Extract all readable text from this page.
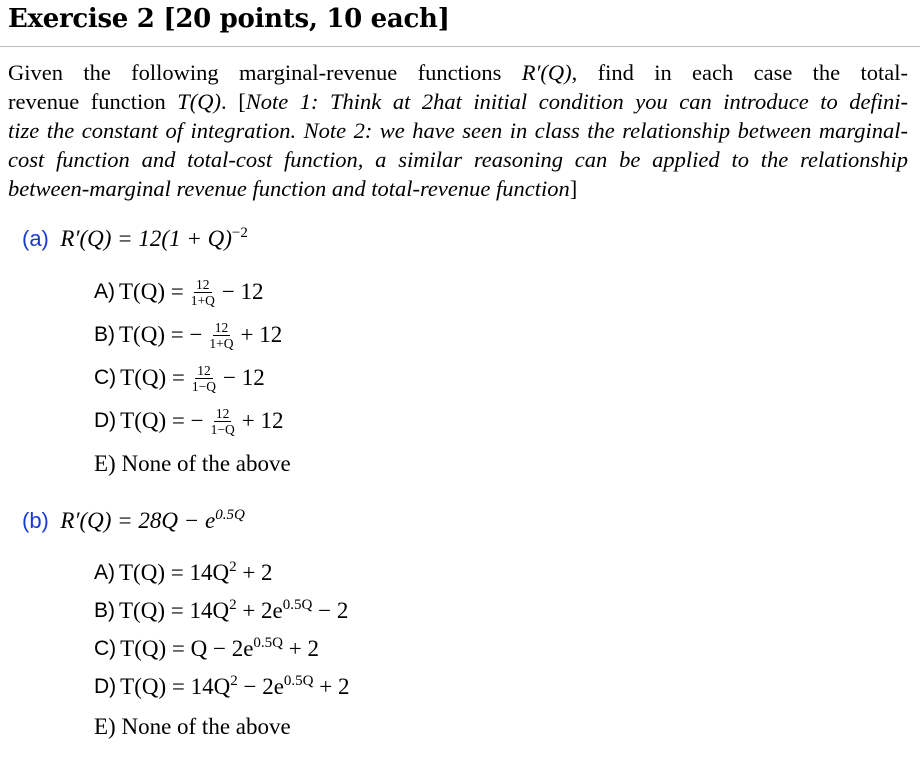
Exercise 2 [20 points, 10 each]
Given the following marginal-revenue functions R′(Q), find in each case the total-
revenue function T(Q). [Note 1: Think at 2hat initial condition you can introduce to defini-
tize the constant of integration. Note 2: we have seen in class the relationship between marginal-
cost function and total-cost function, a similar reasoning can be applied to the relationship
between-marginal revenue function and total-revenue function]
(a) $R'(Q) = 12(1 + Q)^{-2}$
A) $T(Q) = \frac{12}{1+Q} - 12$
B) T(Q) = − $\frac{12}{1+Q} + 12$
C) $T(Q) = \frac{12}{1-Q} - 12$
D) T(Q) = − $\frac{12}{1-Q} + 12$
E) None of the above
(b) $R'(Q) = 28Q - e^{0.5Q}$
A) $T(Q) = 14Q^2 + 2$
B) $T(Q) = 14Q^2 + 2e^{0.5Q} - 2$
C) $T(Q) = Q - 2e^{0.5Q} + 2$
D) $T(Q) = 14Q^2 - 2e^{0.5Q} + 2$
E) None of the above
